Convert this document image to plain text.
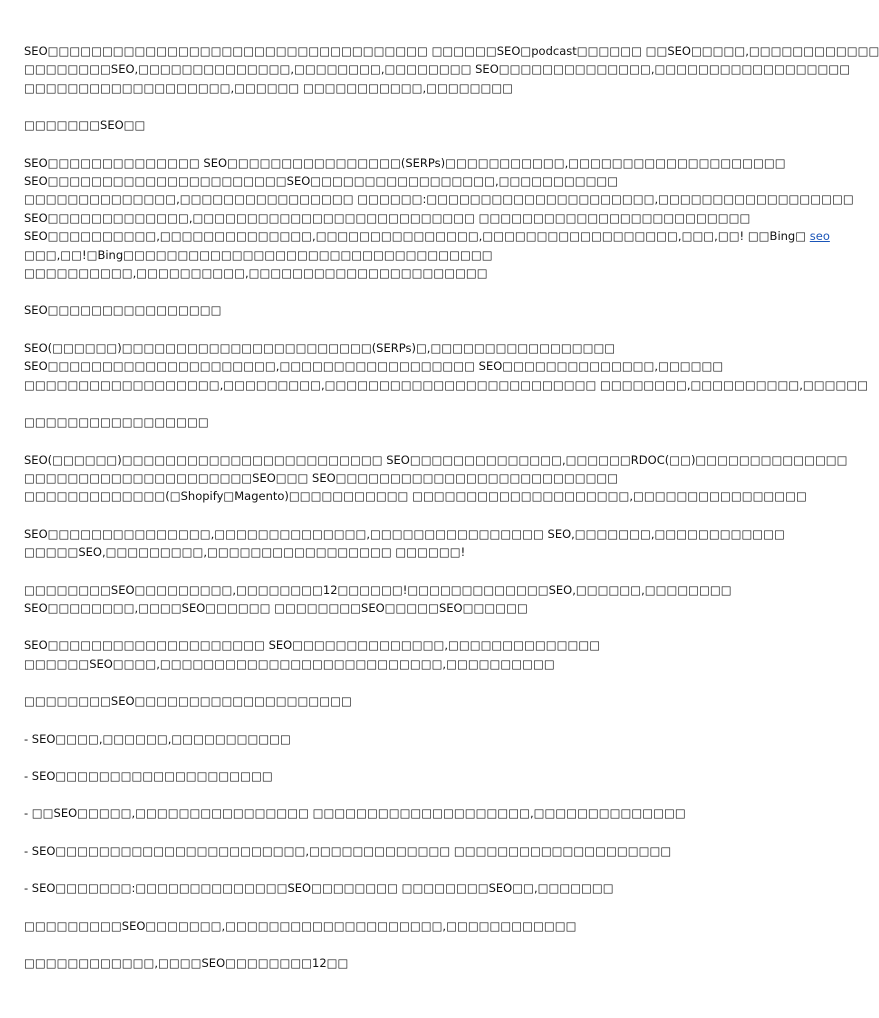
SEO□□□□□□□□□□□□□□□□□□□□□□□□□□□□□□□□□□□ □□□□□□SEO□podcast□□□□□□ □□SEO□□□□□,□□□□□□□□□□□□
□□□□□□□□SEO,□□□□□□□□□□□□□□,□□□□□□□□,□□□□□□□□ SEO□□□□□□□□□□□□□□,□□□□□□□□□□□□□□□□□□
□□□□□□□□□□□□□□□□□□□,□□□□□□ □□□□□□□□□□□,□□□□□□□□
□□□□□□□SEO□□
SEO□□□□□□□□□□□□□□ SEO□□□□□□□□□□□□□□□□(SERPs)□□□□□□□□□□□,□□□□□□□□□□□□□□□□□□□□
SEO□□□□□□□□□□□□□□□□□□□□□□SEO□□□□□□□□□□□□□□□□□,□□□□□□□□□□□
□□□□□□□□□□□□□□,□□□□□□□□□□□□□□□□ □□□□□□:□□□□□□□□□□□□□□□□□□□□□,□□□□□□□□□□□□□□□□□□
SEO□□□□□□□□□□□□□,□□□□□□□□□□□□□□□□□□□□□□□□□□ □□□□□□□□□□□□□□□□□□□□□□□□□
SEO□□□□□□□□□□,□□□□□□□□□□□□□□,□□□□□□□□□□□□□□□,□□□□□□□□□□□□□□□□□□,□□□,□□! □□Bing□ seo
□□□,□□!□Bing□□□□□□□□□□□□□□□□□□□□□□□□□□□□□□□□□□
□□□□□□□□□□,□□□□□□□□□□,□□□□□□□□□□□□□□□□□□□□□□
SEO□□□□□□□□□□□□□□□□
SEO(□□□□□□)□□□□□□□□□□□□□□□□□□□□□□□(SERPs)□,□□□□□□□□□□□□□□□□□
SEO□□□□□□□□□□□□□□□□□□□□□,□□□□□□□□□□□□□□□□□□ SEO□□□□□□□□□□□□□□,□□□□□□
□□□□□□□□□□□□□□□□□□,□□□□□□□□□,□□□□□□□□□□□□□□□□□□□□□□□□□ □□□□□□□□,□□□□□□□□□□,□□□□□□
□□□□□□□□□□□□□□□□□
SEO(□□□□□□)□□□□□□□□□□□□□□□□□□□□□□□□ SEO□□□□□□□□□□□□□□,□□□□□□RDOC(□□)□□□□□□□□□□□□□□
□□□□□□□□□□□□□□□□□□□□□SEO□□□ SEO□□□□□□□□□□□□□□□□□□□□□□□□□□
□□□□□□□□□□□□□(□Shopify□Magento)□□□□□□□□□□□ □□□□□□□□□□□□□□□□□□□□,□□□□□□□□□□□□□□□□
SEO□□□□□□□□□□□□□□□,□□□□□□□□□□□□□□,□□□□□□□□□□□□□□□□ SEO,□□□□□□□,□□□□□□□□□□□□
□□□□□SEO,□□□□□□□□□,□□□□□□□□□□□□□□□□□ □□□□□□!
□□□□□□□□SEO□□□□□□□□□,□□□□□□□□12□□□□□□!□□□□□□□□□□□□□SEO,□□□□□□,□□□□□□□□
SEO□□□□□□□□,□□□□SEO□□□□□□ □□□□□□□□SEO□□□□□SEO□□□□□□
SEO□□□□□□□□□□□□□□□□□□□□ SEO□□□□□□□□□□□□□□,□□□□□□□□□□□□□□
□□□□□□SEO□□□□,□□□□□□□□□□□□□□□□□□□□□□□□□□,□□□□□□□□□□
□□□□□□□□SEO□□□□□□□□□□□□□□□□□□□□
- SEO□□□□,□□□□□□,□□□□□□□□□□□
- SEO□□□□□□□□□□□□□□□□□□□□
- □□SEO□□□□□,□□□□□□□□□□□□□□□□ □□□□□□□□□□□□□□□□□□□□,□□□□□□□□□□□□□□
- SEO□□□□□□□□□□□□□□□□□□□□□□□,□□□□□□□□□□□□□ □□□□□□□□□□□□□□□□□□□□
- SEO□□□□□□□:□□□□□□□□□□□□□□SEO□□□□□□□□ □□□□□□□□SEO□□,□□□□□□□
□□□□□□□□□SEO□□□□□□□,□□□□□□□□□□□□□□□□□□□□,□□□□□□□□□□□□
□□□□□□□□□□□□,□□□□SEO□□□□□□□□12□□
